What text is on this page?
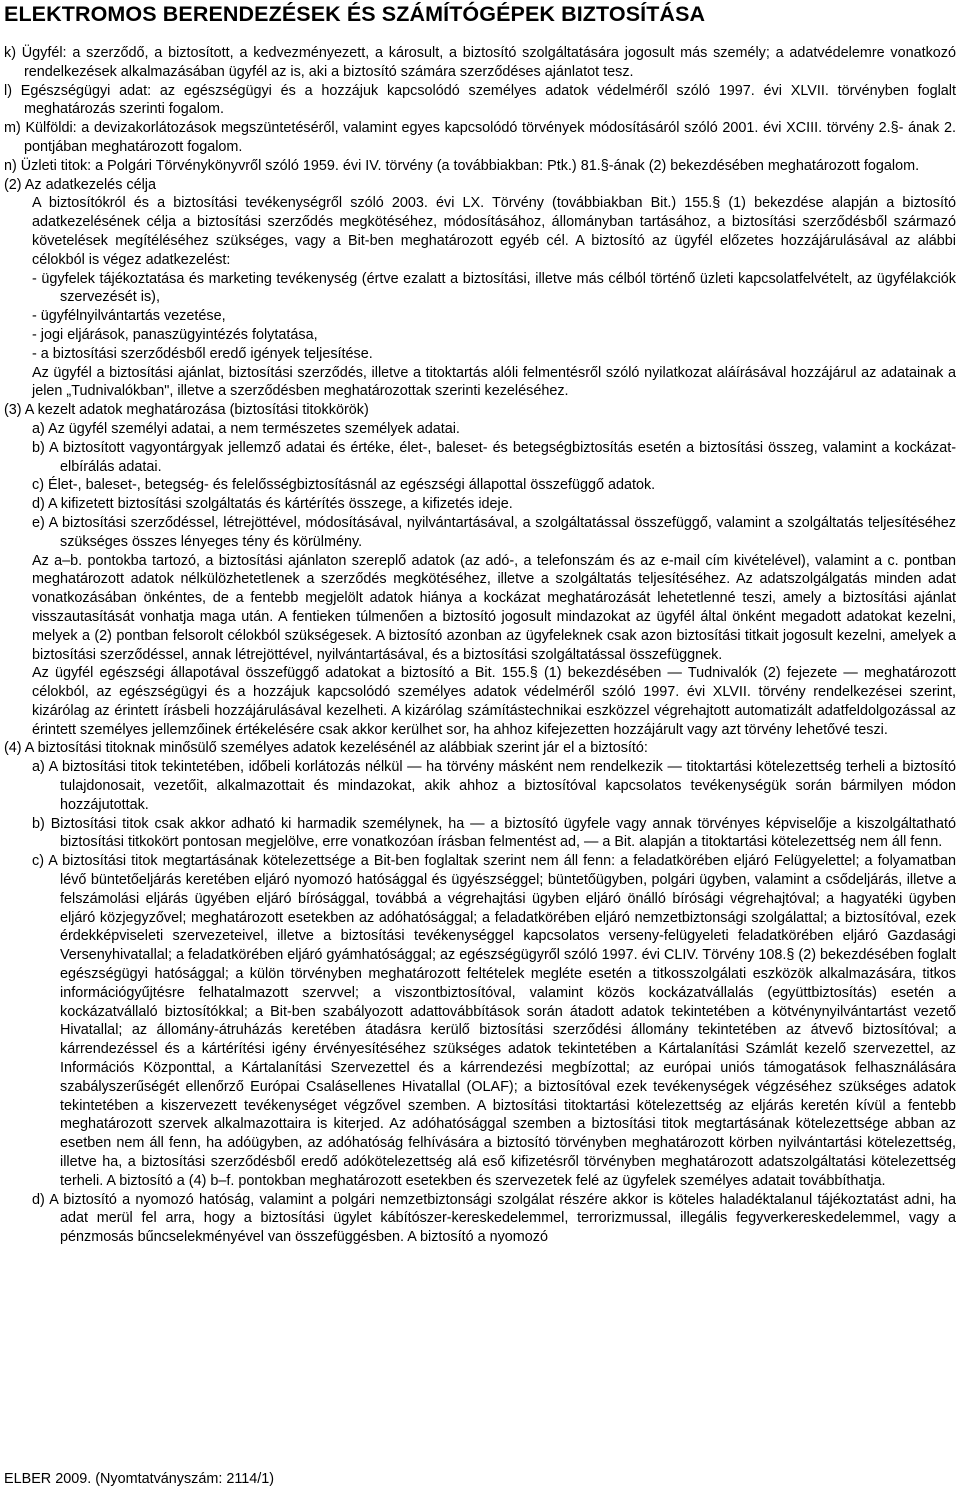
ELEKTROMOS BERENDEZÉSEK ÉS SZÁMÍTÓGÉPEK BIZTOSÍTÁSA

k) Ügyfél: a szerződő, a biztosított, a kedvezményezett, a károsult, a biztosító szolgáltatására jogosult más személy; a adatvédelemre vonatkozó rendelkezések alkalmazásában ügyfél az is, aki a biztosító számára szerződéses ajánlatot tesz.

l) Egészségügyi adat: az egészségügyi és a hozzájuk kapcsolódó személyes adatok védelméről szóló 1997. évi XLVII. törvényben foglalt meghatározás szerinti fogalom.

m) Külföldi: a devizakorlátozások megszüntetéséről, valamint egyes kapcsolódó törvények módosításáról szóló 2001. évi XCIII. törvény 2.§- ának 2. pontjában meghatározott fogalom.

n) Üzleti titok: a Polgári Törvénykönyvről szóló 1959. évi IV. törvény (a továbbiakban: Ptk.) 81.§-ának (2) bekezdésében meghatározott fogalom.

(2) Az adatkezelés célja

A biztosítókról és a biztosítási tevékenységről szóló 2003. évi LX. Törvény (továbbiakban Bit.) 155.§ (1) bekezdése alapján a biztosító adatkezelésének célja a biztosítási szerződés megkötéséhez, módosításához, állományban tartásához, a biztosítási szerződésből származó követelések megítéléséhez szükséges, vagy a Bit-ben meghatározott egyéb cél. A biztosító az ügyfél előzetes hozzájárulásával az alábbi célokból is végez adatkezelést:

- ügyfelek tájékoztatása és marketing tevékenység (értve ezalatt a biztosítási, illetve más célból történő üzleti kapcsolatfelvételt, az ügyfélakciók szervezését is),

- ügyfélnyilvántartás vezetése,

- jogi eljárások, panaszügyintézés folytatása,

- a biztosítási szerződésből eredő igények teljesítése.

Az ügyfél a biztosítási ajánlat, biztosítási szerződés, illetve a titoktartás alóli felmentésről szóló nyilatkozat aláírásával hozzájárul az adatainak a jelen „Tudnivalókban", illetve a szerződésben meghatározottak szerinti kezeléséhez.

(3) A kezelt adatok meghatározása (biztosítási titokkörök)

a) Az ügyfél személyi adatai, a nem természetes személyek adatai.

b) A biztosított vagyontárgyak jellemző adatai és értéke, élet-, baleset- és betegségbiztosítás esetén a biztosítási összeg, valamint a kockázat-elbírálás adatai.

c) Élet-, baleset-, betegség- és felelősségbiztosításnál az egészségi állapottal összefüggő adatok.

d) A kifizetett biztosítási szolgáltatás és kártérítés összege, a kifizetés ideje.

e) A biztosítási szerződéssel, létrejöttével, módosításával, nyilvántartásával, a szolgáltatással összefüggő, valamint a szolgáltatás teljesítéséhez szükséges összes lényeges tény és körülmény.

Az a–b. pontokba tartozó, a biztosítási ajánlaton szereplő adatok (az adó-, a telefonszám és az e-mail cím kivételével), valamint a c. pontban meghatározott adatok nélkülözhetetlenek a szerződés megkötéséhez, illetve a szolgáltatás teljesítéséhez. Az adatszolgálgatás minden adat vonatkozásában önkéntes, de a fentebb megjelölt adatok hiánya a kockázat meghatározását lehetetlenné teszi, amely a biztosítási ajánlat visszautasítását vonhatja maga után. A fentieken túlmenően a biztosító jogosult mindazokat az ügyfél által önként megadott adatokat kezelni, melyek a (2) pontban felsorolt célokból szükségesek. A biztosító azonban az ügyfeleknek csak azon biztosítási titkait jogosult kezelni, amelyek a biztosítási szerződéssel, annak létrejöttével, nyilvántartásával, és a biztosítási szolgáltatással összefüggnek.

Az ügyfél egészségi állapotával összefüggő adatokat a biztosító a Bit. 155.§ (1) bekezdésében — Tudnivalók (2) fejezete — meghatározott célokból, az egészségügyi és a hozzájuk kapcsolódó személyes adatok védelméről szóló 1997. évi XLVII. törvény rendelkezései szerint, kizárólag az érintett írásbeli hozzájárulásával kezelheti. A kizárólag számítástechnikai eszközzel végrehajtott automatizált adatfeldolgozással az érintett személyes jellemzőinek értékelésére csak akkor kerülhet sor, ha ahhoz kifejezetten hozzájárult vagy azt törvény lehetővé teszi.

(4) A biztosítási titoknak minősülő személyes adatok kezelésénél az alábbiak szerint jár el a biztosító:

a) A biztosítási titok tekintetében, időbeli korlátozás nélkül — ha törvény másként nem rendelkezik — titoktartási kötelezettség terheli a biztosító tulajdonosait, vezetőit, alkalmazottait és mindazokat, akik ahhoz a biztosítóval kapcsolatos tevékenységük során bármilyen módon hozzájutottak.

b) Biztosítási titok csak akkor adható ki harmadik személynek, ha — a biztosító ügyfele vagy annak törvényes képviselője a kiszolgáltatható biztosítási titkokört pontosan megjelölve, erre vonatkozóan írásban felmentést ad, — a Bit. alapján a titoktartási kötelezettség nem áll fenn.

c) A biztosítási titok megtartásának kötelezettsége a Bit-ben foglaltak szerint nem áll fenn: a feladatkörében eljáró Felügyelettel; a folyamatban lévő büntetőeljárás keretében eljáró nyomozó hatósággal és ügyészséggel; büntetőügyben, polgári ügyben, valamint a csődeljárás, illetve a felszámolási eljárás ügyében eljáró bírósággal, továbbá a végrehajtási ügyben eljáró önálló bírósági végrehajtóval; a hagyatéki ügyben eljáró közjegyzővel; meghatározott esetekben az adóhatósággal; a feladatkörében eljáró nemzetbiztonsági szolgálattal; a biztosítóval, ezek érdekképviseleti szervezeteivel, illetve a biztosítási tevékenységgel kapcsolatos verseny-felügyeleti feladatkörében eljáró Gazdasági Versenyhivatallal; a feladatkörében eljáró gyámhatósággal; az egészségügyről szóló 1997. évi CLIV. Törvény 108.§ (2) bekezdésében foglalt egészségügyi hatósággal; a külön törvényben meghatározott feltételek megléte esetén a titkosszolgálati eszközök alkalmazására, titkos információgyűjtésre felhatalmazott szervvel; a viszontbiztosítóval, valamint közös kockázatvállalás (együttbiztosítás) esetén a kockázatvállaló biztosítókkal; a Bit-ben szabályozott adattovábbítások során átadott adatok tekintetében a kötvénynyilvántartást vezető Hivatallal; az állomány-átruházás keretében átadásra kerülő biztosítási szerződési állomány tekintetében az átvevő biztosítóval; a kárrendezéssel és a kártérítési igény érvényesítéséhez szükséges adatok tekintetében a Kártalanítási Számlát kezelő szervezettel, az Információs Központtal, a Kártalanítási Szervezettel és a kárrendezési megbízottal; az európai uniós támogatások felhasználására szabályszerűségét ellenőrző Európai Csalásellenes Hivatallal (OLAF); a biztosítóval ezek tevékenységek végzéséhez szükséges adatok tekintetében a kiszervezett tevékenységet végzővel szemben. A biztosítási titoktartási kötelezettség az eljárás keretén kívül a fentebb meghatározott szervek alkalmazottaira is kiterjed. Az adóhatósággal szemben a biztosítási titok megtartásának kötelezettsége abban az esetben nem áll fenn, ha adóügyben, az adóhatóság felhívására a biztosító törvényben meghatározott körben nyilvántartási kötelezettség, illetve ha, a biztosítási szerződésből eredő adókötelezettség alá eső kifizetésről törvényben meghatározott adatszolgáltatási kötelezettség terheli. A biztosító a (4) b–f. pontokban meghatározott esetekben és szervezetek felé az ügyfelek személyes adatait továbbíthatja.

d) A biztosító a nyomozó hatóság, valamint a polgári nemzetbiztonsági szolgálat részére akkor is köteles haladéktalanul tájékoztatást adni, ha adat merül fel arra, hogy a biztosítási ügylet kábítószer-kereskedelemmel, terrorizmussal, illegális fegyverkereskedelemmel, vagy a pénzmosás bűncselekményével van összefüggésben. A biztosító a nyomozó

ELBER 2009. (Nyomtatványszám: 2114/1)
